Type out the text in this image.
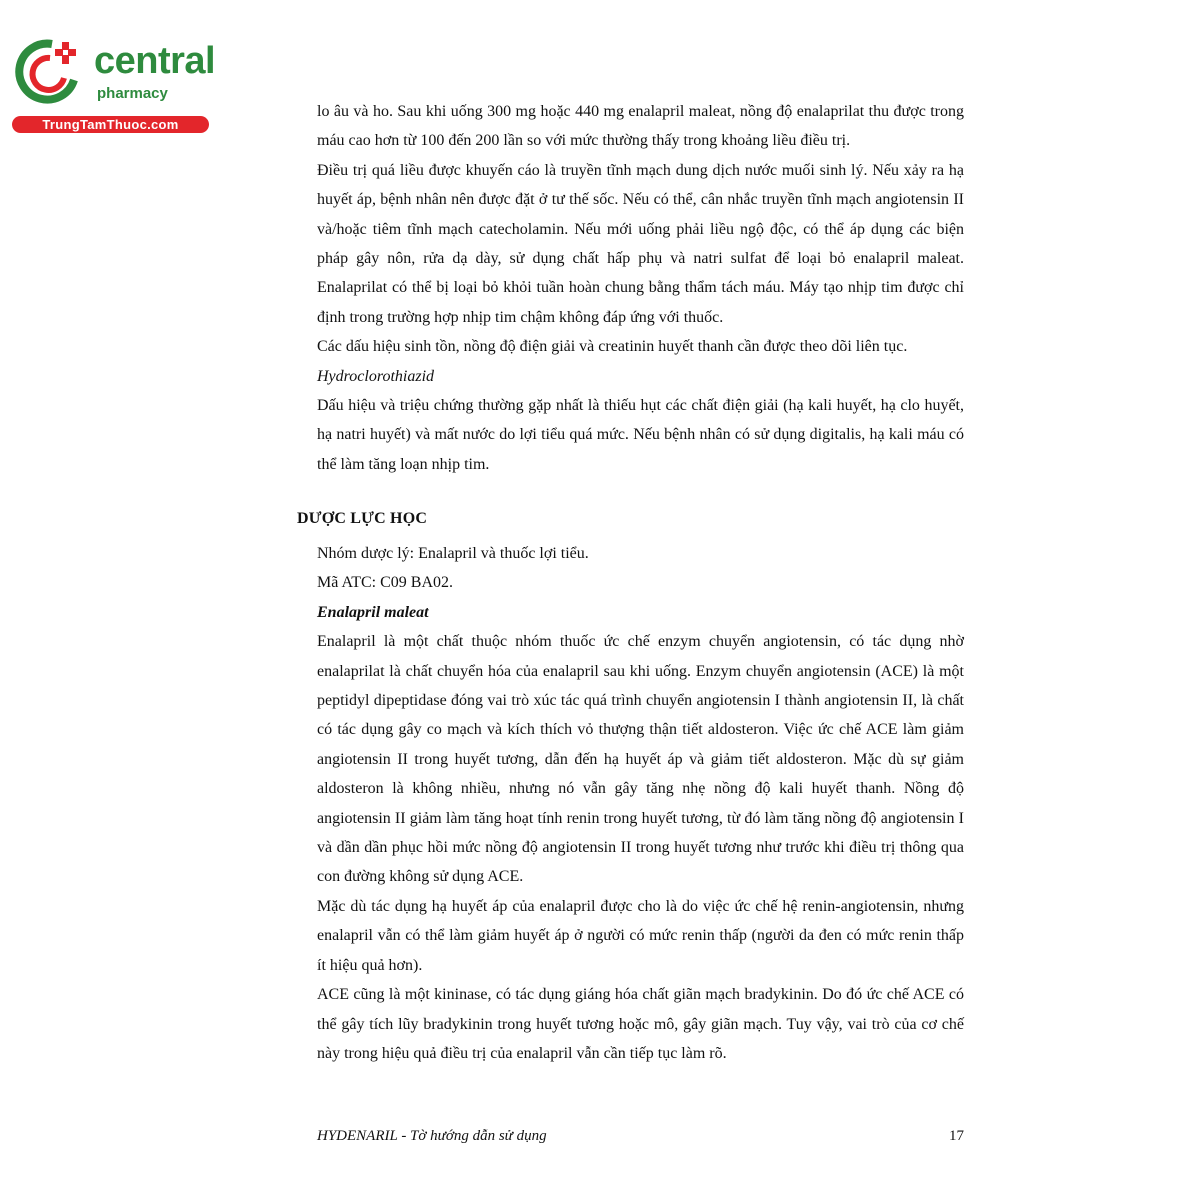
central
pharmacy
TrungTamThuoc.com

lo âu và ho. Sau khi uống 300 mg hoặc 440 mg enalapril maleat, nồng độ enalaprilat thu được trong máu cao hơn từ 100 đến 200 lần so với mức thường thấy trong khoảng liều điều trị.

Điều trị quá liều được khuyến cáo là truyền tĩnh mạch dung dịch nước muối sinh lý. Nếu xảy ra hạ huyết áp, bệnh nhân nên được đặt ở tư thế sốc. Nếu có thể, cân nhắc truyền tĩnh mạch angiotensin II và/hoặc tiêm tĩnh mạch catecholamin. Nếu mới uống phải liều ngộ độc, có thể áp dụng các biện pháp gây nôn, rửa dạ dày, sử dụng chất hấp phụ và natri sulfat để loại bỏ enalapril maleat. Enalaprilat có thể bị loại bỏ khỏi tuần hoàn chung bằng thẩm tách máu. Máy tạo nhịp tim được chỉ định trong trường hợp nhịp tim chậm không đáp ứng với thuốc.

Các dấu hiệu sinh tồn, nồng độ điện giải và creatinin huyết thanh cần được theo dõi liên tục.

Hydroclorothiazid

Dấu hiệu và triệu chứng thường gặp nhất là thiếu hụt các chất điện giải (hạ kali huyết, hạ clo huyết, hạ natri huyết) và mất nước do lợi tiểu quá mức. Nếu bệnh nhân có sử dụng digitalis, hạ kali máu có thể làm tăng loạn nhịp tim.

DƯỢC LỰC HỌC

Nhóm dược lý: Enalapril và thuốc lợi tiểu.

Mã ATC: C09 BA02.

Enalapril maleat

Enalapril là một chất thuộc nhóm thuốc ức chế enzym chuyển angiotensin, có tác dụng nhờ enalaprilat là chất chuyển hóa của enalapril sau khi uống. Enzym chuyển angiotensin (ACE) là một peptidyl dipeptidase đóng vai trò xúc tác quá trình chuyển angiotensin I thành angiotensin II, là chất có tác dụng gây co mạch và kích thích vỏ thượng thận tiết aldosteron. Việc ức chế ACE làm giảm angiotensin II trong huyết tương, dẫn đến hạ huyết áp và giảm tiết aldosteron. Mặc dù sự giảm aldosteron là không nhiều, nhưng nó vẫn gây tăng nhẹ nồng độ kali huyết thanh. Nồng độ angiotensin II giảm làm tăng hoạt tính renin trong huyết tương, từ đó làm tăng nồng độ angiotensin I và dần dần phục hồi mức nồng độ angiotensin II trong huyết tương như trước khi điều trị thông qua con đường không sử dụng ACE.

Mặc dù tác dụng hạ huyết áp của enalapril được cho là do việc ức chế hệ renin-angiotensin, nhưng enalapril vẫn có thể làm giảm huyết áp ở người có mức renin thấp (người da đen có mức renin thấp ít hiệu quả hơn).

ACE cũng là một kininase, có tác dụng giáng hóa chất giãn mạch bradykinin. Do đó ức chế ACE có thể gây tích lũy bradykinin trong huyết tương hoặc mô, gây giãn mạch. Tuy vậy, vai trò của cơ chế này trong hiệu quả điều trị của enalapril vẫn cần tiếp tục làm rõ.

HYDENARIL - Tờ hướng dẫn sử dụng	17
